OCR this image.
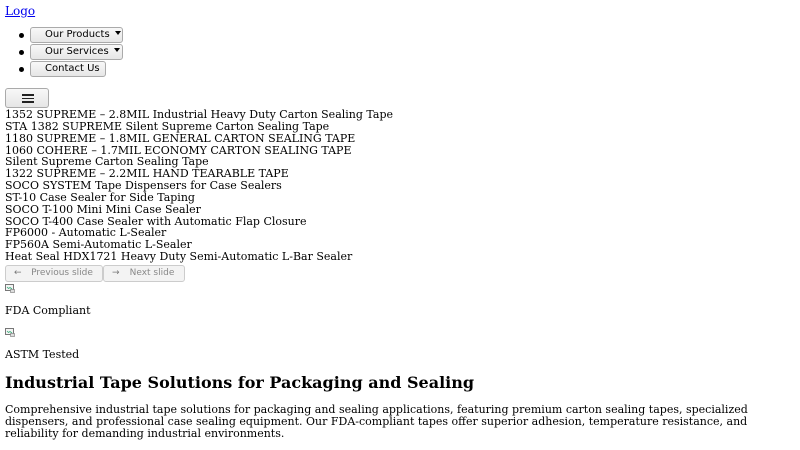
Logo
Our Products
Our Services
Contact Us
1352 SUPREME – 2.8MIL Industrial Heavy Duty Carton Sealing Tape
STA 1382 SUPREME Silent Supreme Carton Sealing Tape
1180 SUPREME – 1.8MIL GENERAL CARTON SEALING TAPE
1060 COHERE – 1.7MIL ECONOMY CARTON SEALING TAPE
Silent Supreme Carton Sealing Tape
1322 SUPREME – 2.2MIL HAND TEARABLE TAPE
SOCO SYSTEM Tape Dispensers for Case Sealers
ST-10 Case Sealer for Side Taping
SOCO T-100 Mini Mini Case Sealer
SOCO T-400 Case Sealer with Automatic Flap Closure
FP6000 - Automatic L-Sealer
FP560A Semi-Automatic L-Sealer
Heat Seal HDX1721 Heavy Duty Semi-Automatic L-Bar Sealer
← Previous slide	→ Next slide
FDA Compliant
ASTM Tested
Industrial Tape Solutions for Packaging and Sealing

Comprehensive industrial tape solutions for packaging and sealing applications, featuring premium carton sealing tapes, specialized dispensers, and professional case sealing equipment. Our FDA-compliant tapes offer superior adhesion, temperature resistance, and reliability for demanding industrial environments.
